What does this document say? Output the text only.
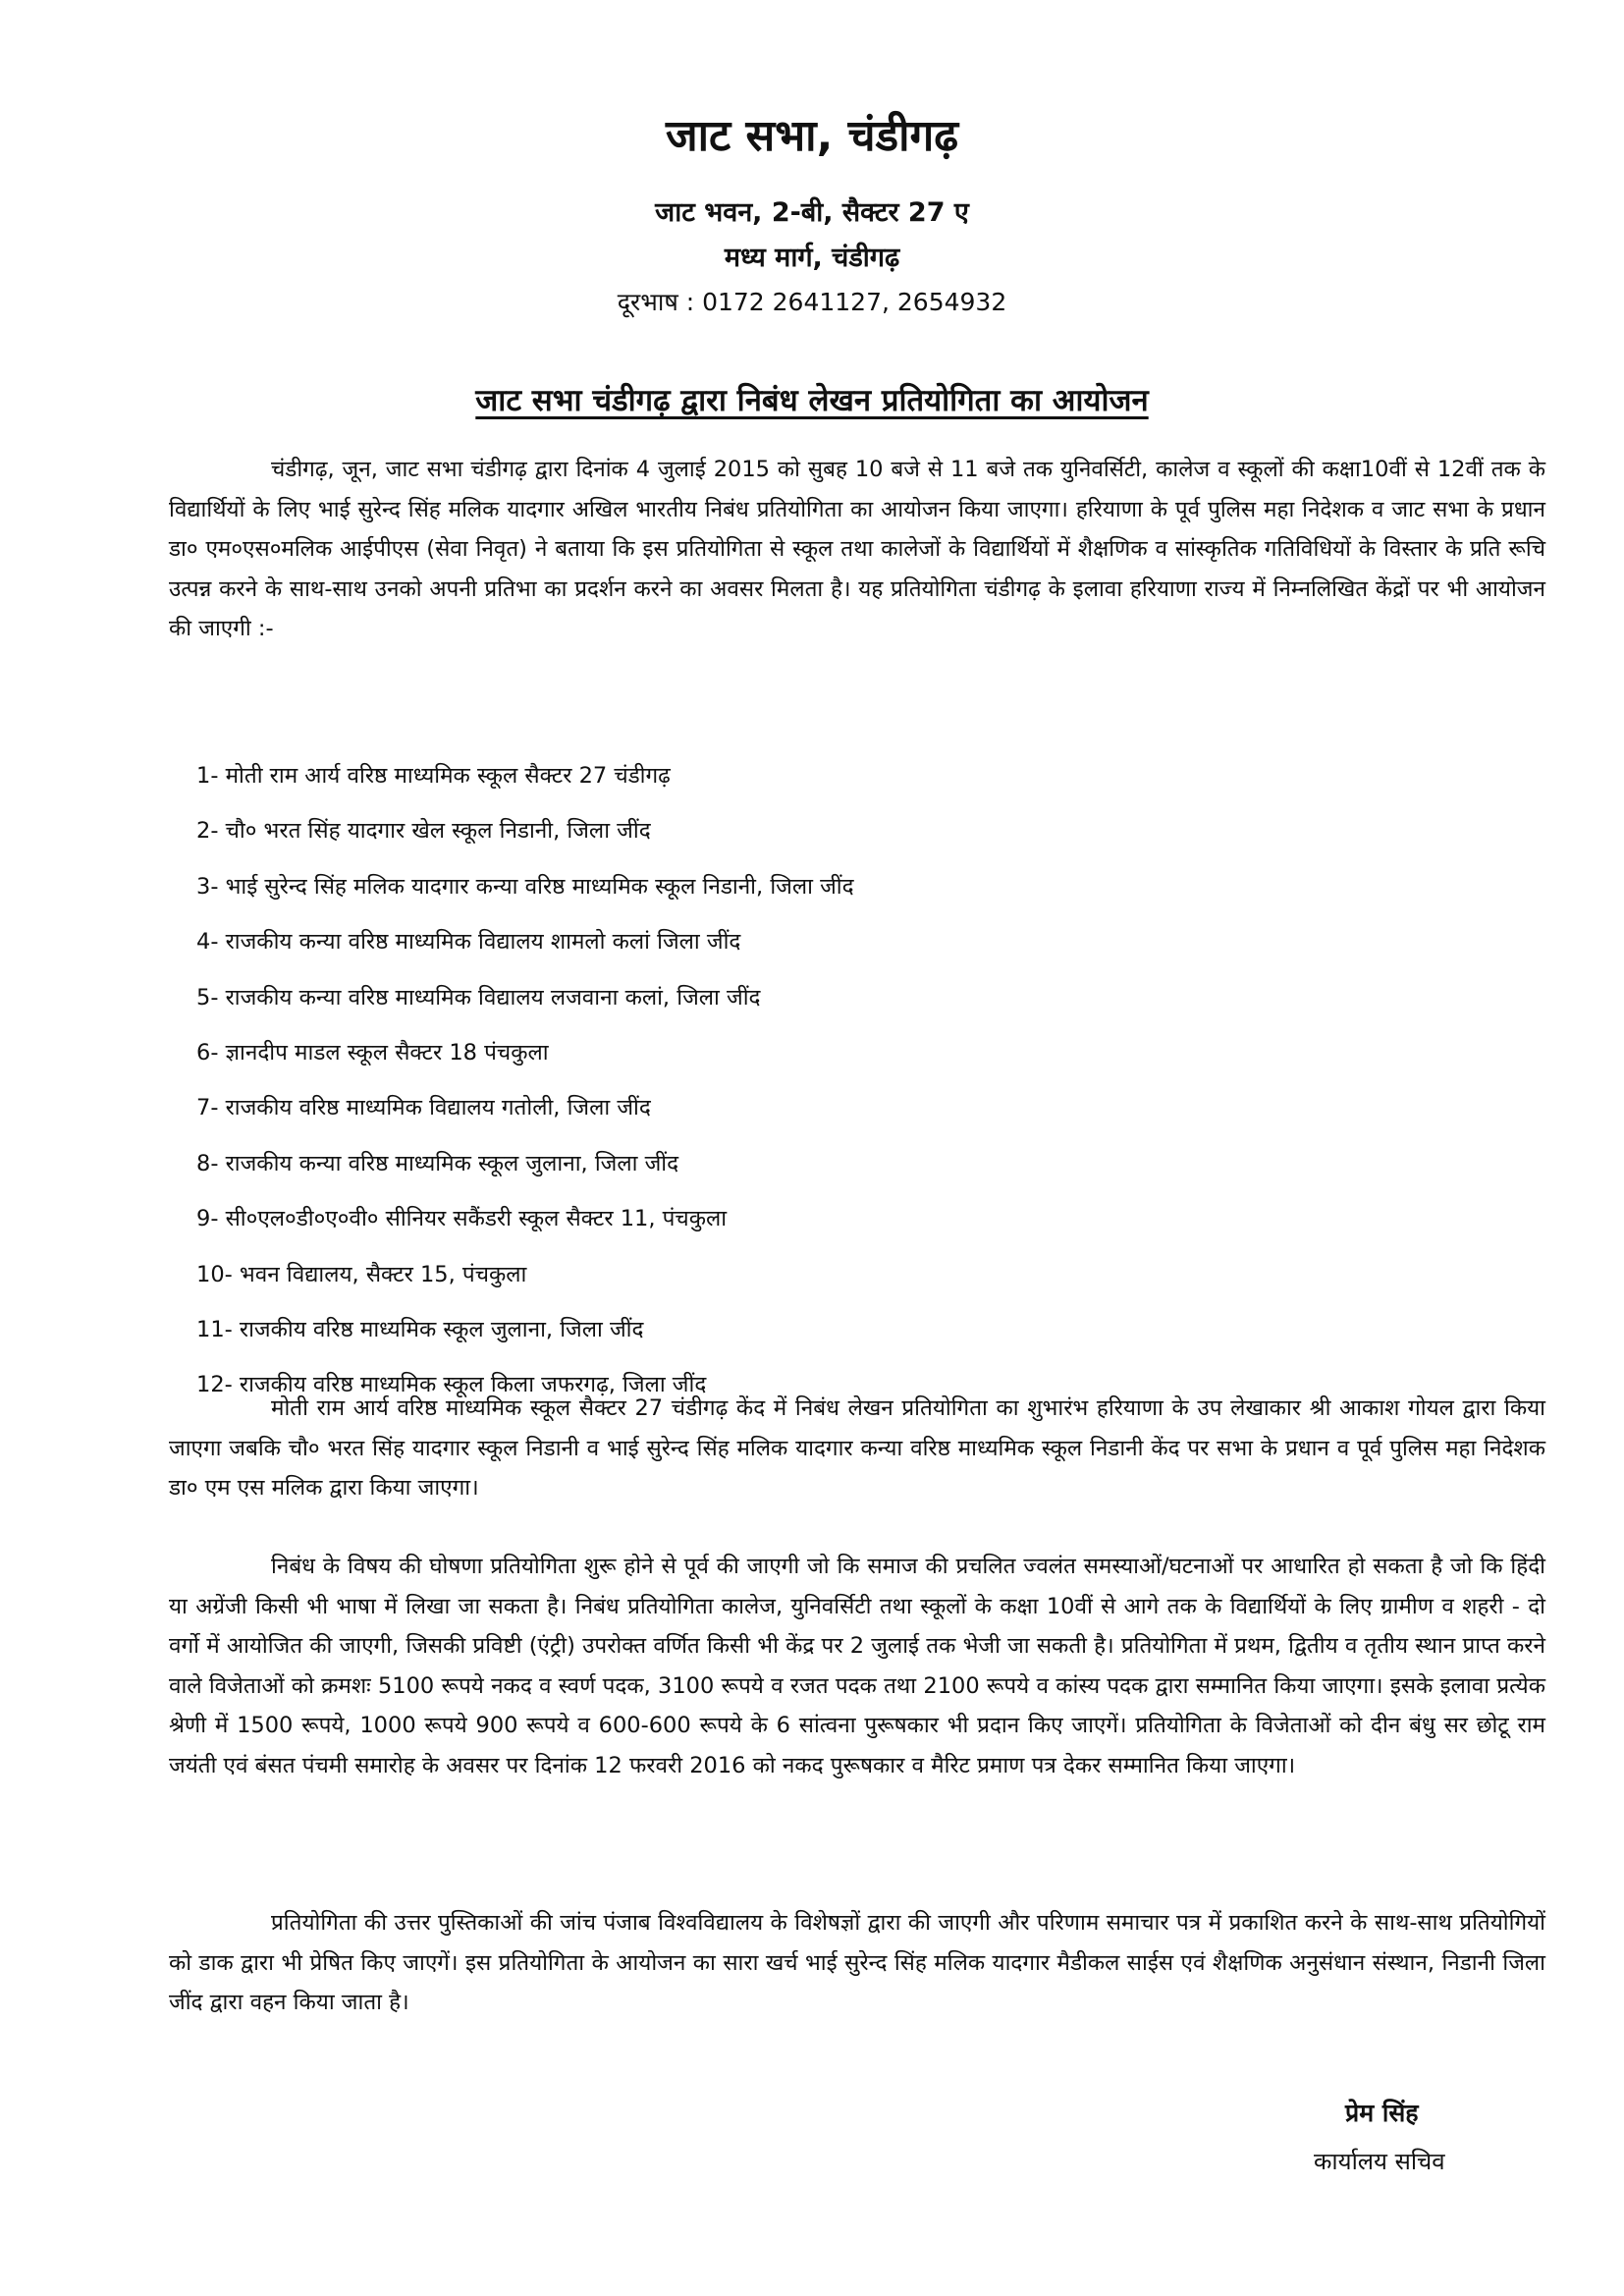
जाट सभा, चंडीगढ़
जाट भवन, 2-बी, सैक्टर 27 ए
मध्य मार्ग, चंडीगढ़
दूरभाष : 0172 2641127, 2654932
जाट सभा चंडीगढ़ द्वारा निबंध लेखन प्रतियोगिता का आयोजन

चंडीगढ़, जून, जाट सभा चंडीगढ़ द्वारा दिनांक 4 जुलाई 2015 को सुबह 10 बजे से 11 बजे तक युनिवर्सिटी, कालेज व स्कूलों की कक्षा10वीं से 12वीं तक के विद्यार्थियों के लिए भाई सुरेन्द सिंह मलिक यादगार अखिल भारतीय निबंध प्रतियोगिता का आयोजन किया जाएगा। हरियाणा के पूर्व पुलिस महा निदेशक व जाट सभा के प्रधान डा० एम०एस०मलिक आईपीएस (सेवा निवृत) ने बताया कि इस प्रतियोगिता से स्कूल तथा कालेजों के विद्यार्थियों में शैक्षणिक व सांस्कृतिक गतिविधियों के विस्तार के प्रति रूचि उत्पन्न करने के साथ-साथ उनको अपनी प्रतिभा का प्रदर्शन करने का अवसर मिलता है। यह प्रतियोगिता चंडीगढ़ के इलावा हरियाणा राज्य में निम्नलिखित केंद्रों पर भी आयोजन की जाएगी :-

1- मोती राम आर्य वरिष्ठ माध्यमिक स्कूल सैक्टर 27 चंडीगढ़
2- चौ० भरत सिंह यादगार खेल स्कूल निडानी, जिला जींद
3- भाई सुरेन्द सिंह मलिक यादगार कन्या वरिष्ठ माध्यमिक स्कूल निडानी, जिला जींद
4- राजकीय कन्या वरिष्ठ माध्यमिक विद्यालय शामलो कलां जिला जींद
5- राजकीय कन्या वरिष्ठ माध्यमिक विद्यालय लजवाना कलां, जिला जींद
6- ज्ञानदीप माडल स्कूल सैक्टर 18 पंचकुला
7- राजकीय वरिष्ठ माध्यमिक विद्यालय गतोली, जिला जींद
8- राजकीय कन्या वरिष्ठ माध्यमिक स्कूल जुलाना, जिला जींद
9- सी०एल०डी०ए०वी० सीनियर सकैंडरी स्कूल सैक्टर 11, पंचकुला
10- भवन विद्यालय, सैक्टर 15, पंचकुला
11- राजकीय वरिष्ठ माध्यमिक स्कूल जुलाना, जिला जींद
12- राजकीय वरिष्ठ माध्यमिक स्कूल किला जफरगढ़, जिला जींद

मोती राम आर्य वरिष्ठ माध्यमिक स्कूल सैक्टर 27 चंडीगढ़ केंद में निबंध लेखन प्रतियोगिता का शुभारंभ हरियाणा के उप लेखाकार श्री आकाश गोयल द्वारा किया जाएगा जबकि चौ० भरत सिंह यादगार स्कूल निडानी व भाई सुरेन्द सिंह मलिक यादगार कन्या वरिष्ठ माध्यमिक स्कूल निडानी केंद पर सभा के प्रधान व पूर्व पुलिस महा निदेशक डा० एम एस मलिक द्वारा किया जाएगा।

निबंध के विषय की घोषणा प्रतियोगिता शुरू होने से पूर्व की जाएगी जो कि समाज की प्रचलित ज्वलंत समस्याओं/घटनाओं पर आधारित हो सकता है जो कि हिंदी या अग्रेंजी किसी भी भाषा में लिखा जा सकता है। निबंध प्रतियोगिता कालेज, युनिवर्सिटी तथा स्कूलों के कक्षा 10वीं से आगे तक के विद्यार्थियों के लिए ग्रामीण व शहरी - दो वर्गो में आयोजित की जाएगी, जिसकी प्रविष्टी (एंट्री) उपरोक्त वर्णित किसी भी केंद्र पर 2 जुलाई तक भेजी जा सकती है। प्रतियोगिता में प्रथम, द्वितीय व तृतीय स्थान प्राप्त करने वाले विजेताओं को क्रमशः 5100 रूपये नकद व स्वर्ण पदक, 3100 रूपये व रजत पदक तथा 2100 रूपये व कांस्य पदक द्वारा सम्मानित किया जाएगा। इसके इलावा प्रत्येक श्रेणी में 1500 रूपये, 1000 रूपये 900 रूपये व 600-600 रूपये के 6 सांत्वना पुरूषकार भी प्रदान किए जाएगें। प्रतियोगिता के विजेताओं को दीन बंधु सर छोटू राम जयंती एवं बंसत पंचमी समारोह के अवसर पर दिनांक 12 फरवरी 2016 को नकद पुरूषकार व मैरिट प्रमाण पत्र देकर सम्मानित किया जाएगा।

प्रतियोगिता की उत्तर पुस्तिकाओं की जांच पंजाब विश्वविद्यालय के विशेषज्ञों द्वारा की जाएगी और परिणाम समाचार पत्र में प्रकाशित करने के साथ-साथ प्रतियोगियों को डाक द्वारा भी प्रेषित किए जाएगें। इस प्रतियोगिता के आयोजन का सारा खर्च भाई सुरेन्द सिंह मलिक यादगार मैडीकल साईस एवं शैक्षणिक अनुसंधान संस्थान, निडानी जिला जींद द्वारा वहन किया जाता है।

प्रेम सिंह
कार्यालय सचिव
